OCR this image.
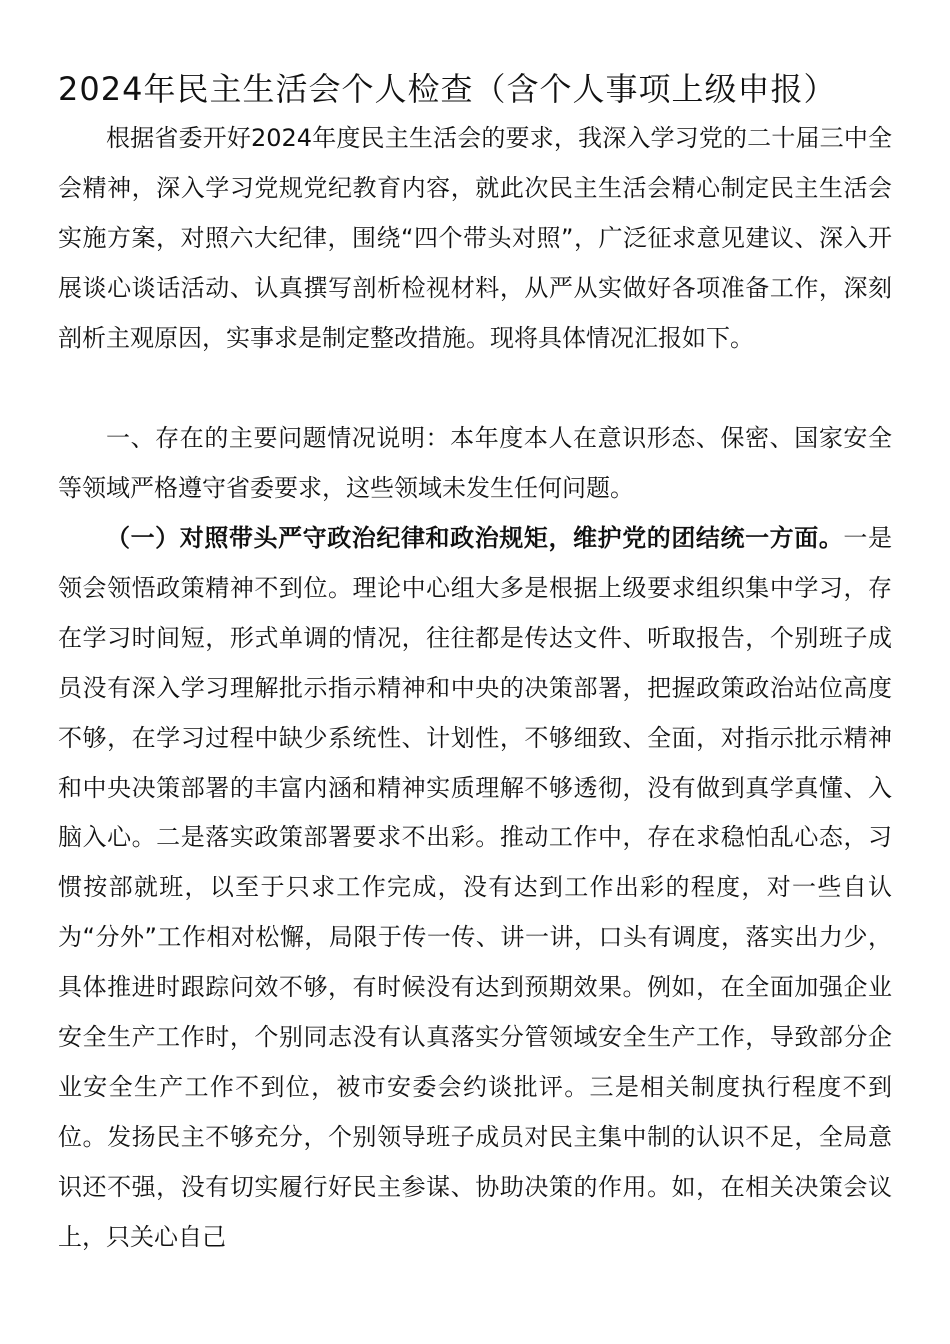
2024年民主生活会个人检查（含个人事项上级申报）

根据省委开好2024年度民主生活会的要求，我深入学习党的二十届三中全会精神，深入学习党规党纪教育内容，就此次民主生活会精心制定民主生活会实施方案，对照六大纪律，围绕“四个带头对照”，广泛征求意见建议、深入开展谈心谈话活动、认真撰写剖析检视材料，从严从实做好各项准备工作，深刻剖析主观原因，实事求是制定整改措施。现将具体情况汇报如下。

一、存在的主要问题情况说明：本年度本人在意识形态、保密、国家安全等领域严格遵守省委要求，这些领域未发生任何问题。

（一）对照带头严守政治纪律和政治规矩，维护党的团结统一方面。一是领会领悟政策精神不到位。理论中心组大多是根据上级要求组织集中学习，存在学习时间短，形式单调的情况，往往都是传达文件、听取报告，个别班子成员没有深入学习理解批示指示精神和中央的决策部署，把握政策政治站位高度不够，在学习过程中缺少系统性、计划性，不够细致、全面，对指示批示精神和中央决策部署的丰富内涵和精神实质理解不够透彻，没有做到真学真懂、入脑入心。二是落实政策部署要求不出彩。推动工作中，存在求稳怕乱心态，习惯按部就班，以至于只求工作完成，没有达到工作出彩的程度，对一些自认为“分外”工作相对松懈，局限于传一传、讲一讲，口头有调度，落实出力少，具体推进时跟踪问效不够，有时候没有达到预期效果。例如，在全面加强企业安全生产工作时，个别同志没有认真落实分管领域安全生产工作，导致部分企业安全生产工作不到位，被市安委会约谈批评。三是相关制度执行程度不到位。发扬民主不够充分，个别领导班子成员对民主集中制的认识不足，全局意识还不强，没有切实履行好民主参谋、协助决策的作用。如，在相关决策会议上，只关心自己
